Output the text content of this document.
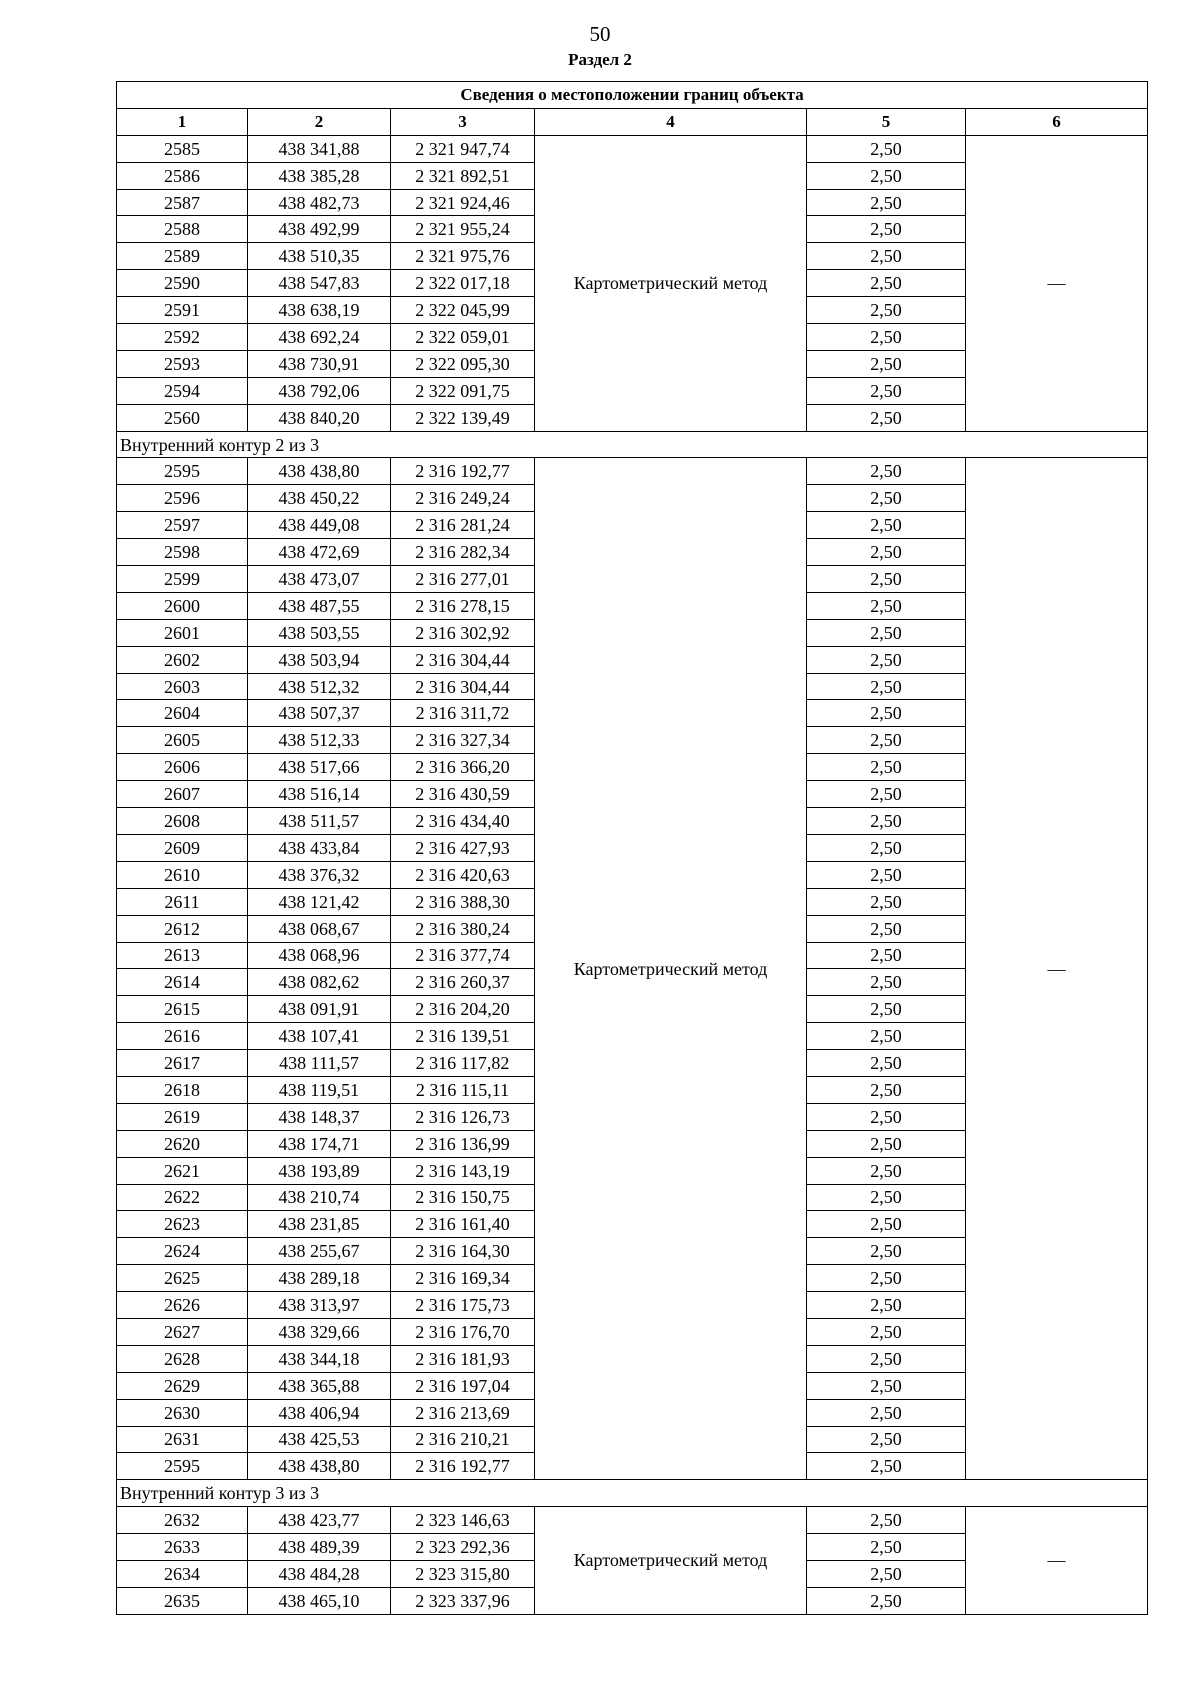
50
Раздел 2
Сведения о местоположении границ объекта					
1	2	3	4	5	6
2585	438 341,88	2 321 947,74	Картометрический метод	2,50	—
2586	438 385,28	2 321 892,51		2,50	
2587	438 482,73	2 321 924,46		2,50	
2588	438 492,99	2 321 955,24		2,50	
2589	438 510,35	2 321 975,76		2,50	
2590	438 547,83	2 322 017,18		2,50	
2591	438 638,19	2 322 045,99		2,50	
2592	438 692,24	2 322 059,01		2,50	
2593	438 730,91	2 322 095,30		2,50	
2594	438 792,06	2 322 091,75		2,50	
2560	438 840,20	2 322 139,49		2,50	
Внутренний контур 2 из 3					
2595	438 438,80	2 316 192,77	Картометрический метод	2,50	—
2596	438 450,22	2 316 249,24		2,50	
2597	438 449,08	2 316 281,24		2,50	
2598	438 472,69	2 316 282,34		2,50	
2599	438 473,07	2 316 277,01		2,50	
2600	438 487,55	2 316 278,15		2,50	
2601	438 503,55	2 316 302,92		2,50	
2602	438 503,94	2 316 304,44		2,50	
2603	438 512,32	2 316 304,44		2,50	
2604	438 507,37	2 316 311,72		2,50	
2605	438 512,33	2 316 327,34		2,50	
2606	438 517,66	2 316 366,20		2,50	
2607	438 516,14	2 316 430,59		2,50	
2608	438 511,57	2 316 434,40		2,50	
2609	438 433,84	2 316 427,93		2,50	
2610	438 376,32	2 316 420,63		2,50	
2611	438 121,42	2 316 388,30		2,50	
2612	438 068,67	2 316 380,24		2,50	
2613	438 068,96	2 316 377,74		2,50	
2614	438 082,62	2 316 260,37		2,50	
2615	438 091,91	2 316 204,20		2,50	
2616	438 107,41	2 316 139,51		2,50	
2617	438 111,57	2 316 117,82		2,50	
2618	438 119,51	2 316 115,11		2,50	
2619	438 148,37	2 316 126,73		2,50	
2620	438 174,71	2 316 136,99		2,50	
2621	438 193,89	2 316 143,19		2,50	
2622	438 210,74	2 316 150,75		2,50	
2623	438 231,85	2 316 161,40		2,50	
2624	438 255,67	2 316 164,30		2,50	
2625	438 289,18	2 316 169,34		2,50	
2626	438 313,97	2 316 175,73		2,50	
2627	438 329,66	2 316 176,70		2,50	
2628	438 344,18	2 316 181,93		2,50	
2629	438 365,88	2 316 197,04		2,50	
2630	438 406,94	2 316 213,69		2,50	
2631	438 425,53	2 316 210,21		2,50	
2595	438 438,80	2 316 192,77		2,50	
Внутренний контур 3 из 3					
2632	438 423,77	2 323 146,63	Картометрический метод	2,50	—
2633	438 489,39	2 323 292,36		2,50	
2634	438 484,28	2 323 315,80		2,50	
2635	438 465,10	2 323 337,96		2,50	
